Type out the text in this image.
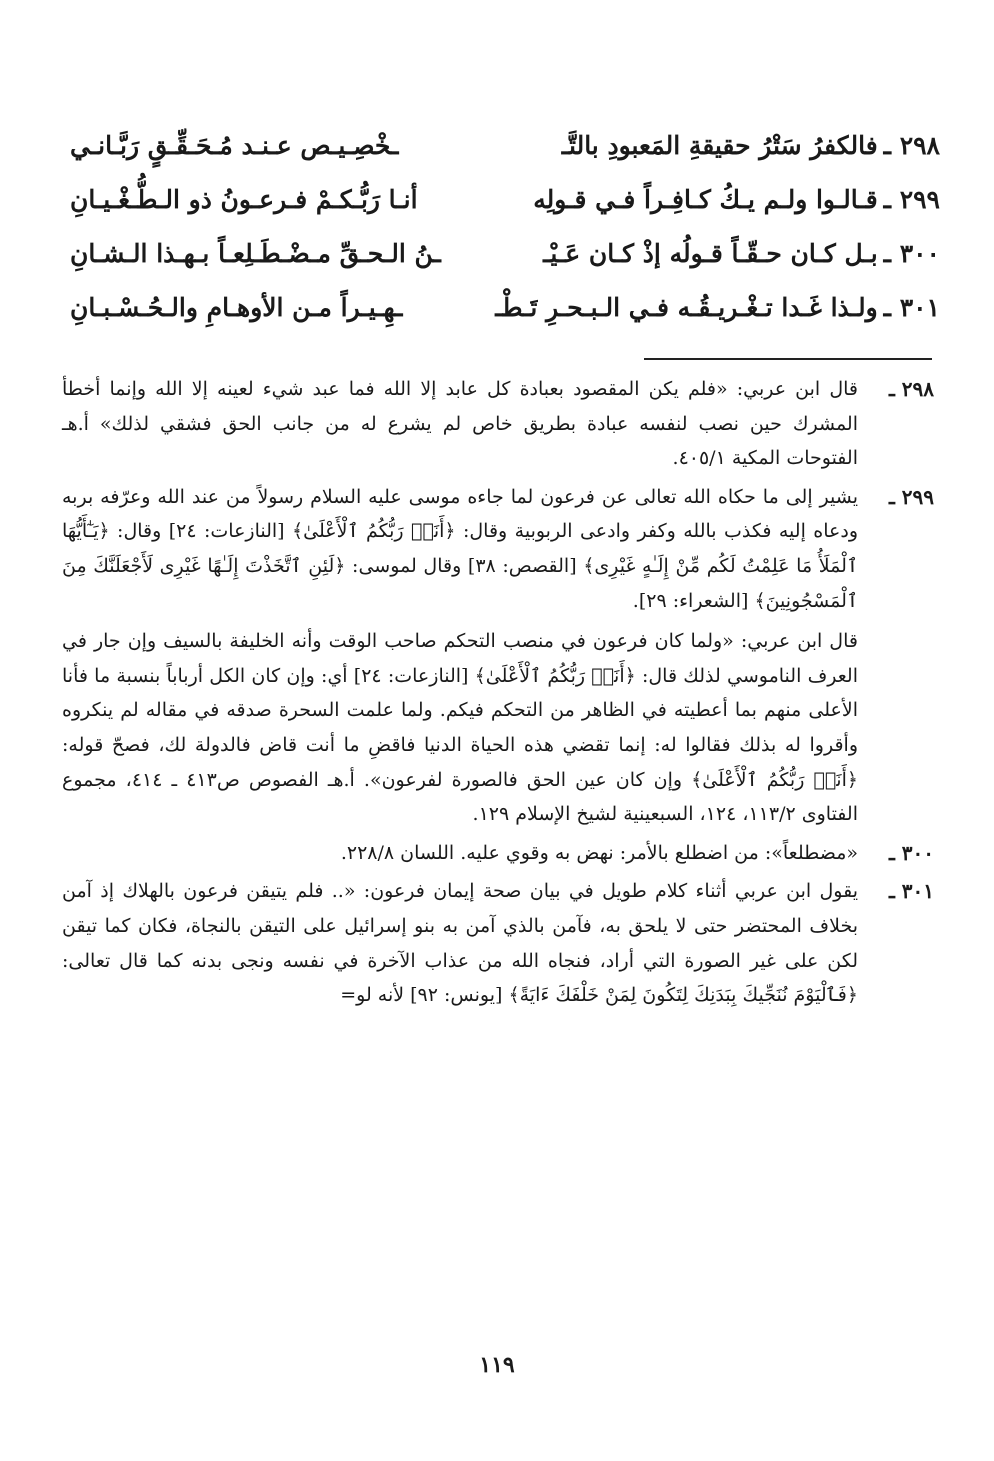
٢٩٨ ـ
فالكفرُ سَتْرُ حقيقةِ المَعبودِ بالتَّـ
ـخْصِـيـص عـنـد مُـحَـقِّـقٍ رَبَّـانـي
٢٩٩ ـ
قـالـوا ولـم يـكُ كـافِـراً فـي قـولِه
أنـا رَبُّـكـمْ فـرعـونُ ذو الـطُّـغْـيـانِ
٣٠٠ ـ
بـل كـان حـقّـاً قـولُه إذْ كـان عَـيْـ
ـنُ الـحـقِّ مـضْـطَـلِعـاً بـهـذا الـشـانِ
٣٠١ ـ
ولـذا غَـدا تـغْـريـقُـه فـي الـبـحـرِ تَـطْـ
ـهِـيـراً مـن الأوهـامِ والـحُـسْـبـانِ
٢٩٨ ـ

قال ابن عربي: «فلم يكن المقصود بعبادة كل عابد إلا الله فما عبد شيء لعينه إلا الله وإنما أخطأ المشرك حين نصب لنفسه عبادة بطريق خاص لم يشرع له من جانب الحق فشقي لذلك» أ.هـ الفتوحات المكية ٤٠٥/١.

٢٩٩ ـ

يشير إلى ما حكاه الله تعالى عن فرعون لما جاءه موسى عليه السلام رسولاً من عند الله وعرّفه بربه ودعاه إليه فكذب بالله وكفر وادعى الربوبية وقال: ﴿أَنَا۠ رَبُّكُمُ ٱلْأَعْلَىٰ﴾ [النازعات: ٢٤] وقال: ﴿يَـٰٓأَيُّهَا ٱلْمَلَأُ مَا عَلِمْتُ لَكُم مِّنْ إِلَـٰهٍ غَيْرِى﴾ [القصص: ٣٨] وقال لموسى: ﴿لَئِنِ ٱتَّخَذْتَ إِلَـٰهًا غَيْرِى لَأَجْعَلَنَّكَ مِنَ ٱلْمَسْجُونِينَ﴾ [الشعراء: ٢٩].

قال ابن عربي: «ولما كان فرعون في منصب التحكم صاحب الوقت وأنه الخليفة بالسيف وإن جار في العرف الناموسي لذلك قال: ﴿أَنَا۠ رَبُّكُمُ ٱلْأَعْلَىٰ﴾ [النازعات: ٢٤] أي: وإن كان الكل أرباباً بنسبة ما فأنا الأعلى منهم بما أعطيته في الظاهر من التحكم فيكم. ولما علمت السحرة صدقه في مقاله لم ينكروه وأقروا له بذلك فقالوا له: إنما تقضي هذه الحياة الدنيا فاقضِ ما أنت قاض فالدولة لك، فصحّ قوله: ﴿أَنَا۠ رَبُّكُمُ ٱلْأَعْلَىٰ﴾ وإن كان عين الحق فالصورة لفرعون». أ.هـ الفصوص ص٤١٣ ـ ٤١٤، مجموع الفتاوى ١١٣/٢، ١٢٤، السبعينية لشيخ الإسلام ١٢٩.

٣٠٠ ـ

«مضطلعاً»: من اضطلع بالأمر: نهض به وقوي عليه. اللسان ٢٢٨/٨.

٣٠١ ـ

يقول ابن عربي أثناء كلام طويل في بيان صحة إيمان فرعون: «.. فلم يتيقن فرعون بالهلاك إذ آمن بخلاف المحتضر حتى لا يلحق به، فآمن بالذي آمن به بنو إسرائيل على التيقن بالنجاة، فكان كما تيقن لكن على غير الصورة التي أراد، فنجاه الله من عذاب الآخرة في نفسه ونجى بدنه كما قال تعالى: ﴿فَٱلْيَوْمَ نُنَجِّيكَ بِبَدَنِكَ لِتَكُونَ لِمَنْ خَلْفَكَ ءَايَةً﴾ [يونس: ٩٢] لأنه لو=

١١٩
